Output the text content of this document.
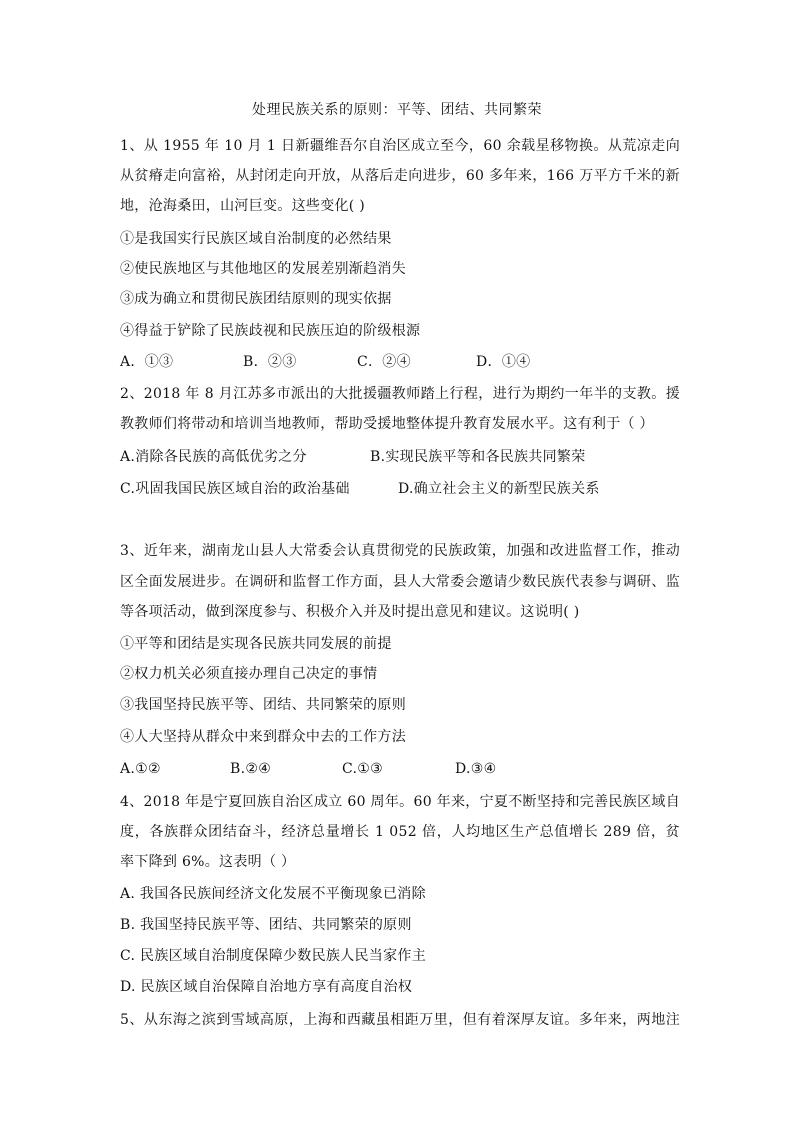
处理民族关系的原则：平等、团结、共同繁荣
1、从 1955 年 10 月 1 日新疆维吾尔自治区成立至今，60 余载星移物换。从荒凉走向
从贫瘠走向富裕，从封闭走向开放，从落后走向进步，60 多年来，166 万平方千米的新
地，沧海桑田，山河巨变。这些变化( )
①是我国实行民族区域自治制度的必然结果
②使民族地区与其他地区的发展差别渐趋消失
③成为确立和贯彻民族团结原则的现实依据
④得益于铲除了民族歧视和民族压迫的阶级根源
A．①③	B．②③	C．②④	D．①④
2、2018 年 8 月江苏多市派出的大批援疆教师踏上行程，进行为期约一年半的支教。援
教教师们将带动和培训当地教师，帮助受援地整体提升教育发展水平。这有利于（ ）
A.消除各民族的高低优劣之分	B.实现民族平等和各民族共同繁荣
C.巩固我国民族区域自治的政治基础	D.确立社会主义的新型民族关系
3、近年来，湖南龙山县人大常委会认真贯彻党的民族政策，加强和改进监督工作，推动
区全面发展进步。在调研和监督工作方面，县人大常委会邀请少数民族代表参与调研、监
等各项活动，做到深度参与、积极介入并及时提出意见和建议。这说明( )
①平等和团结是实现各民族共同发展的前提
②权力机关必须直接办理自己决定的事情
③我国坚持民族平等、团结、共同繁荣的原则
④人大坚持从群众中来到群众中去的工作方法
A.①②	B.②④	C.①③	D.③④
4、2018 年是宁夏回族自治区成立 60 周年。60 年来，宁夏不断坚持和完善民族区域自
度，各族群众团结奋斗，经济总量增长 1 052 倍，人均地区生产总值增长 289 倍，贫
率下降到 6%。这表明（ ）
A. 我国各民族间经济文化发展不平衡现象已消除
B. 我国坚持民族平等、团结、共同繁荣的原则
C. 民族区域自治制度保障少数民族人民当家作主
D. 民族区域自治保障自治地方享有高度自治权
5、从东海之滨到雪域高原，上海和西藏虽相距万里，但有着深厚友谊。多年来，两地注
